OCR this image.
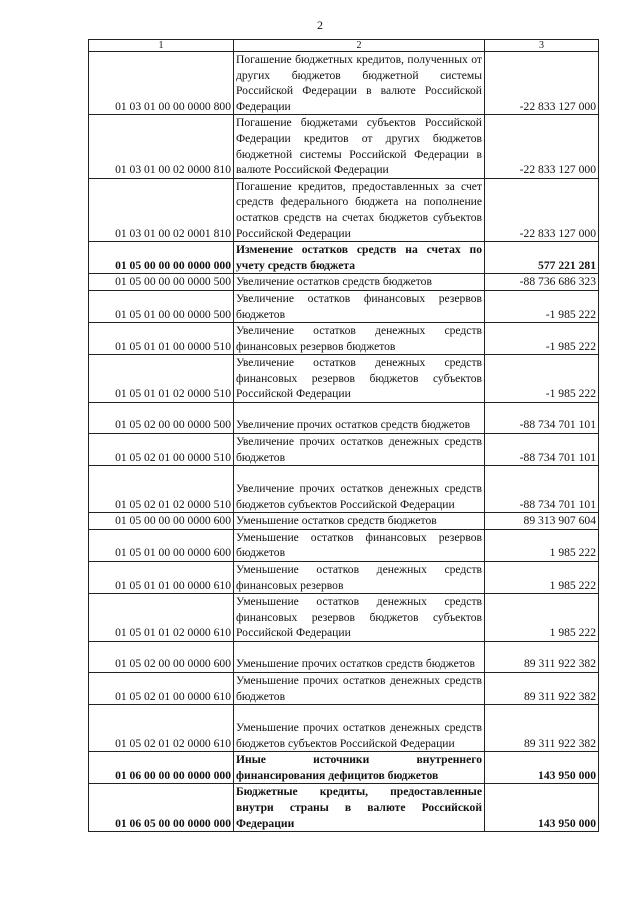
2
1	2	3
01 03 01 00 00 0000 800	Погашение бюджетных кредитов, полученных от других бюджетов бюджетной системы Российской Федерации в валюте Российской Федерации	-22 833 127 000
01 03 01 00 02 0000 810	Погашение бюджетами субъектов Российской Федерации кредитов от других бюджетов бюджетной системы Российской Федерации в валюте Российской Федерации	-22 833 127 000
01 03 01 00 02 0001 810	Погашение кредитов, предоставленных за счет средств федерального бюджета на пополнение остатков средств на счетах бюджетов субъектов Российской Федерации	-22 833 127 000
01 05 00 00 00 0000 000	Изменение остатков средств на счетах по учету средств бюджета	577 221 281
01 05 00 00 00 0000 500	Увеличение остатков средств бюджетов	-88 736 686 323
01 05 01 00 00 0000 500	Увеличение остатков финансовых резервов бюджетов	-1 985 222
01 05 01 01 00 0000 510	Увеличение остатков денежных средств финансовых резервов бюджетов	-1 985 222
01 05 01 01 02 0000 510	Увеличение остатков денежных средств финансовых резервов бюджетов субъектов Российской Федерации	-1 985 222
01 05 02 00 00 0000 500	Увеличение прочих остатков средств бюджетов	-88 734 701 101
01 05 02 01 00 0000 510	Увеличение прочих остатков денежных средств бюджетов	-88 734 701 101
01 05 02 01 02 0000 510	Увеличение прочих остатков денежных средств бюджетов субъектов Российской Федерации	-88 734 701 101
01 05 00 00 00 0000 600	Уменьшение остатков средств бюджетов	89 313 907 604
01 05 01 00 00 0000 600	Уменьшение остатков финансовых резервов бюджетов	1 985 222
01 05 01 01 00 0000 610	Уменьшение остатков денежных средств финансовых резервов	1 985 222
01 05 01 01 02 0000 610	Уменьшение остатков денежных средств финансовых резервов бюджетов субъектов Российской Федерации	1 985 222
01 05 02 00 00 0000 600	Уменьшение прочих остатков средств бюджетов	89 311 922 382
01 05 02 01 00 0000 610	Уменьшение прочих остатков денежных средств бюджетов	89 311 922 382
01 05 02 01 02 0000 610	Уменьшение прочих остатков денежных средств бюджетов субъектов Российской Федерации	89 311 922 382
01 06 00 00 00 0000 000	Иные источники внутреннего финансирования дефицитов бюджетов	143 950 000
01 06 05 00 00 0000 000	Бюджетные кредиты, предоставленные внутри страны в валюте Российской Федерации	143 950 000
